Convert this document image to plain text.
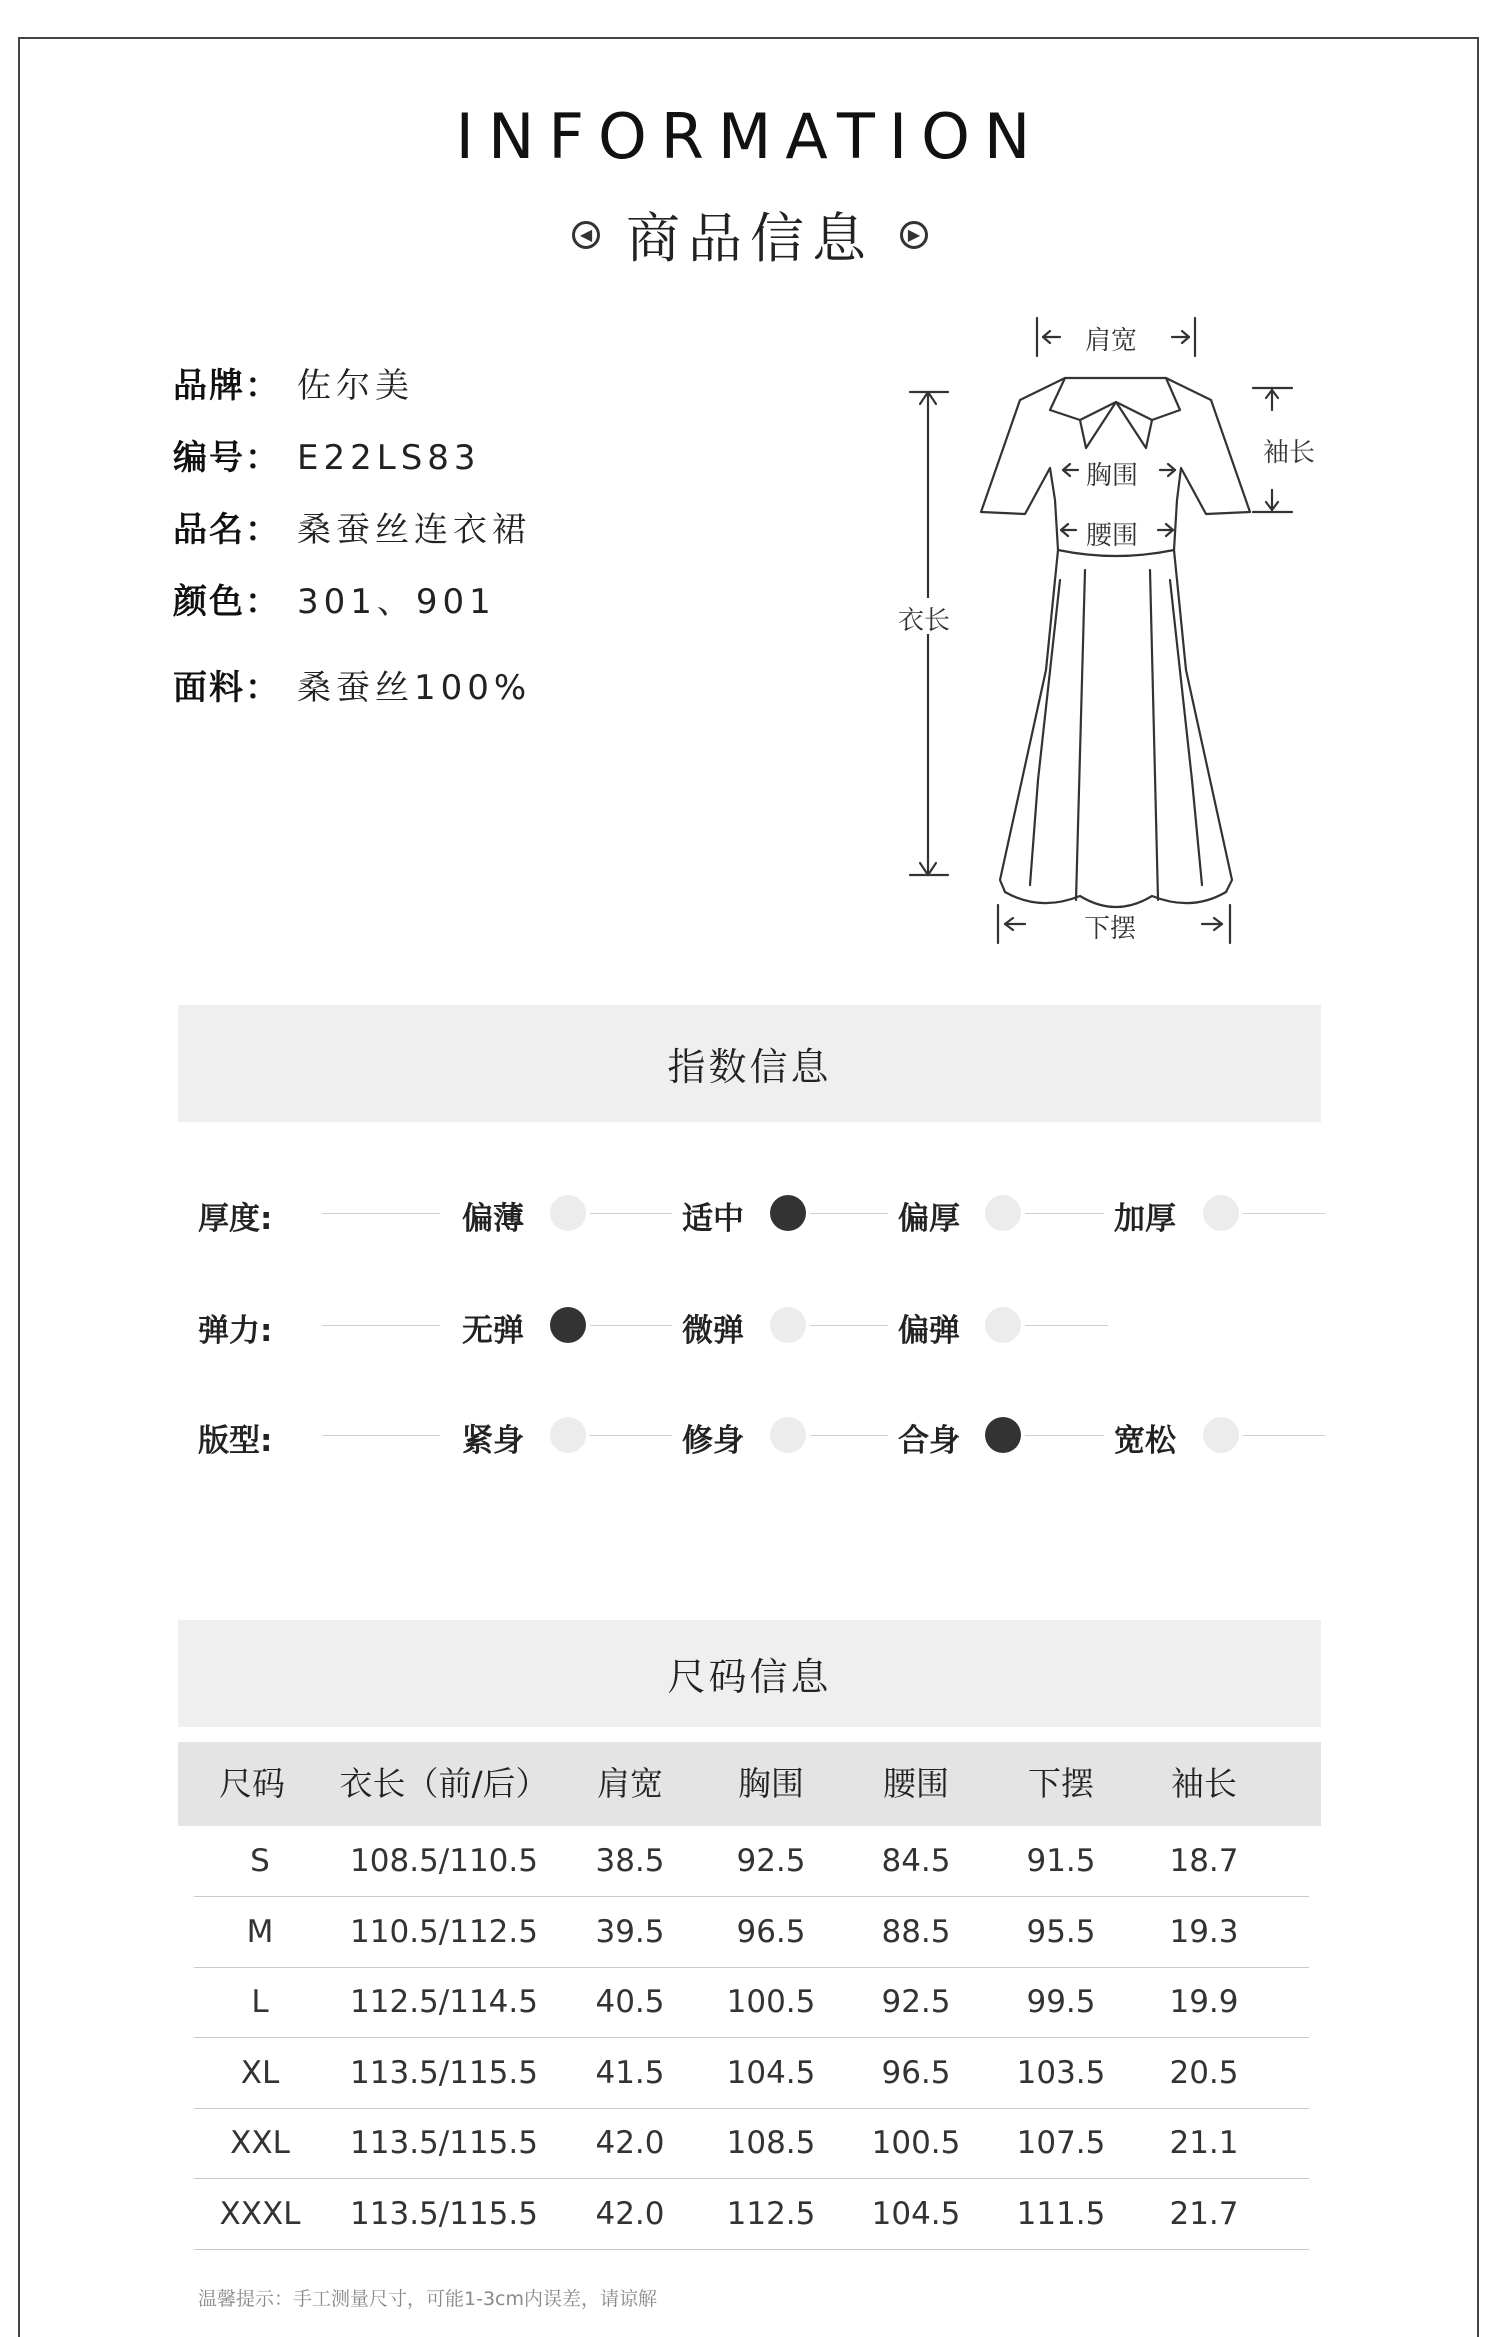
INFORMATION
◀ 商品信息	▶
品牌： 佐尔美
编号： E22LS83
品名： 桑蚕丝连衣裙
颜色： 301、901
面料： 桑蚕丝100%
肩宽
袖长
胸围
腰围
衣长
下摆
指数信息
厚度:	偏薄	适中	偏厚	加厚
弹力:	无弹	微弹	偏弹
版型:	紧身	修身	合身	宽松
尺码信息
尺码	衣长（前/后）	肩宽	胸围	腰围	下摆	袖长
S	108.5/110.5	38.5	92.5	84.5	91.5	18.7
M	110.5/112.5	39.5	96.5	88.5	95.5	19.3
L	112.5/114.5	40.5	100.5	92.5	99.5	19.9
XL	113.5/115.5	41.5	104.5	96.5	103.5	20.5
XXL	113.5/115.5	42.0	108.5	100.5	107.5	21.1
XXXL	113.5/115.5	42.0	112.5	104.5	111.5	21.7
温馨提示：手工测量尺寸，可能1-3cm内误差，请谅解
